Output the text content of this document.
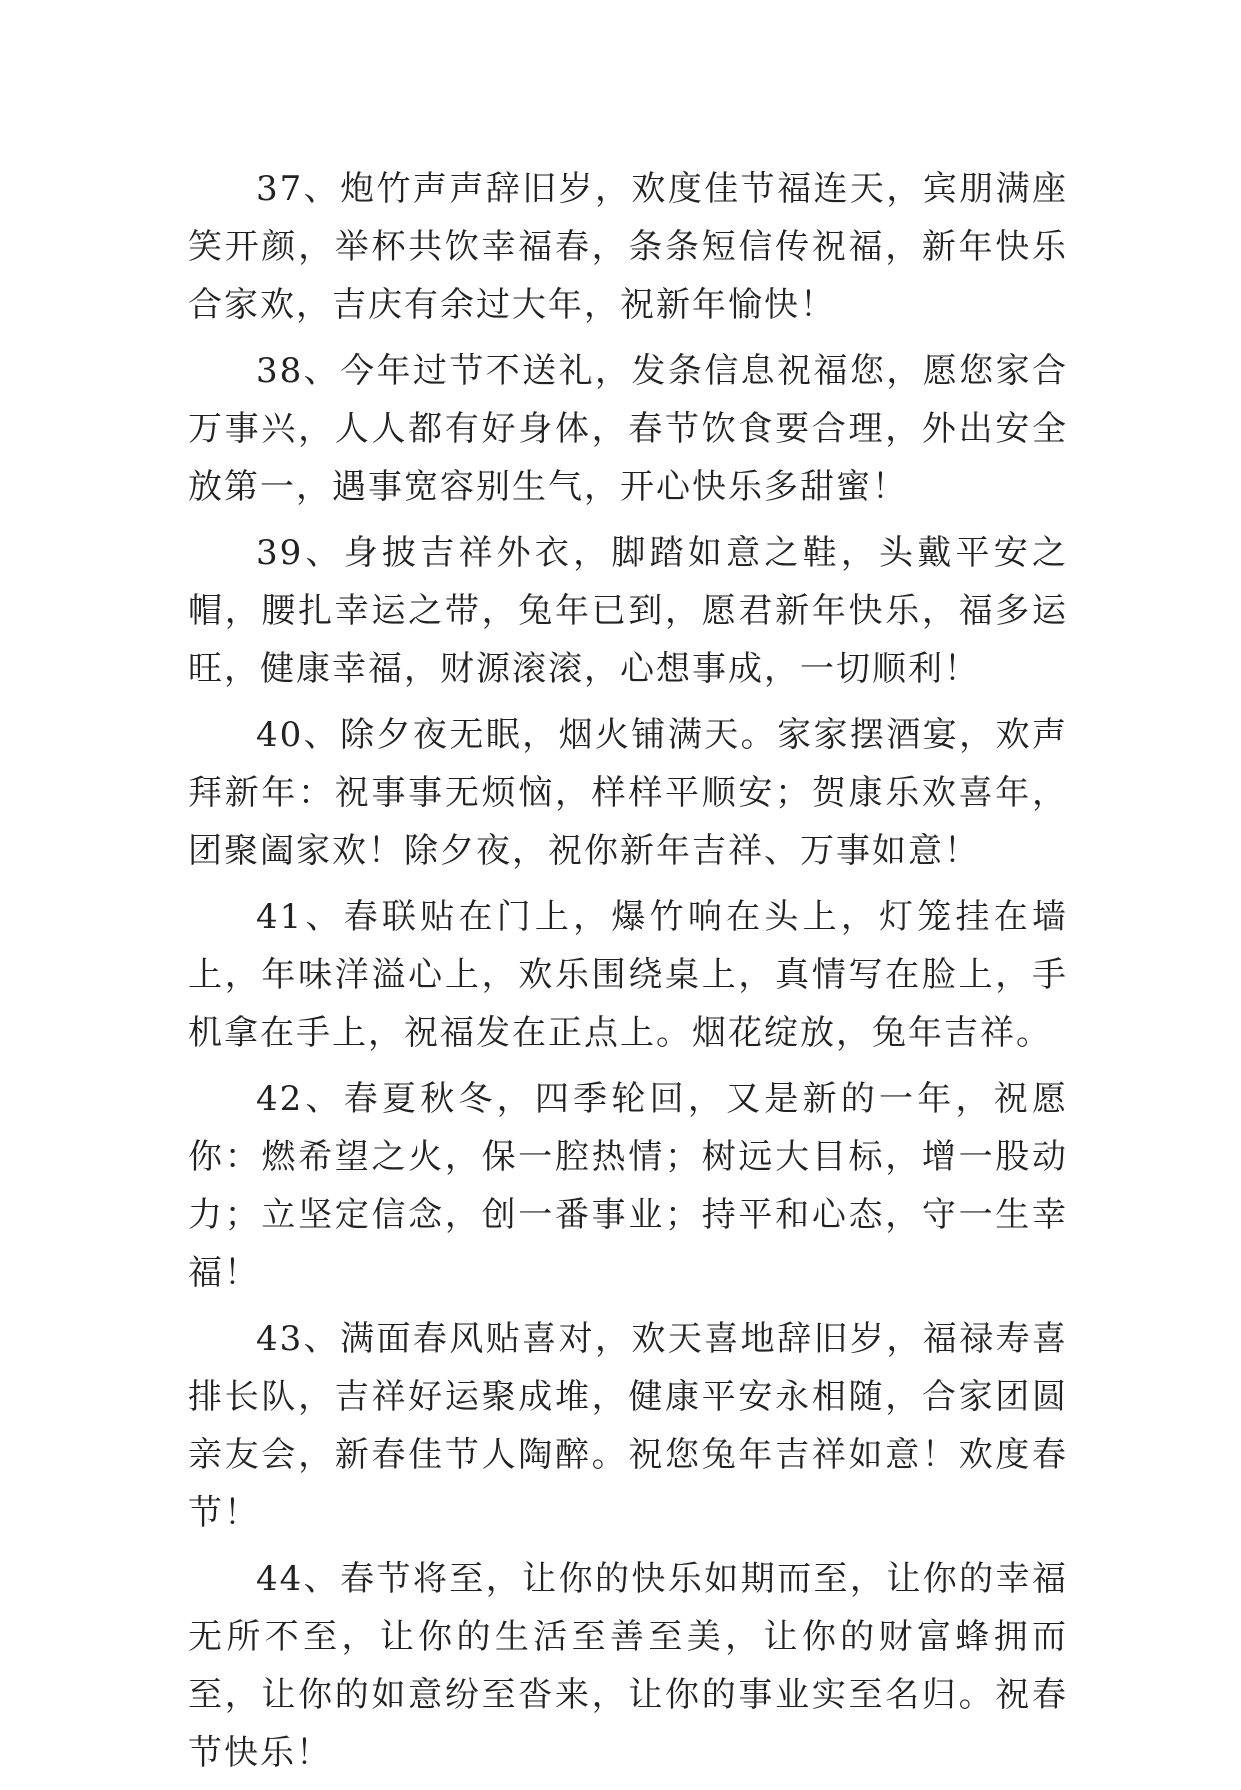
37、炮竹声声辞旧岁，欢度佳节福连天，宾朋满座笑开颜，举杯共饮幸福春，条条短信传祝福，新年快乐合家欢，吉庆有余过大年，祝新年愉快！

38、今年过节不送礼，发条信息祝福您，愿您家合万事兴，人人都有好身体，春节饮食要合理，外出安全放第一，遇事宽容别生气，开心快乐多甜蜜！

39、身披吉祥外衣，脚踏如意之鞋，头戴平安之帽，腰扎幸运之带，兔年已到，愿君新年快乐，福多运旺，健康幸福，财源滚滚，心想事成，一切顺利！

40、除夕夜无眠，烟火铺满天。家家摆酒宴，欢声拜新年：祝事事无烦恼，样样平顺安；贺康乐欢喜年，团聚阖家欢！除夕夜，祝你新年吉祥、万事如意！

41、春联贴在门上，爆竹响在头上，灯笼挂在墙上，年味洋溢心上，欢乐围绕桌上，真情写在脸上，手机拿在手上，祝福发在正点上。烟花绽放，兔年吉祥。

42、春夏秋冬，四季轮回，又是新的一年，祝愿你：燃希望之火，保一腔热情；树远大目标，增一股动力；立坚定信念，创一番事业；持平和心态，守一生幸福！

43、满面春风贴喜对，欢天喜地辞旧岁，福禄寿喜排长队，吉祥好运聚成堆，健康平安永相随，合家团圆亲友会，新春佳节人陶醉。祝您兔年吉祥如意！欢度春节！

44、春节将至，让你的快乐如期而至，让你的幸福无所不至，让你的生活至善至美，让你的财富蜂拥而至，让你的如意纷至沓来，让你的事业实至名归。祝春节快乐！
